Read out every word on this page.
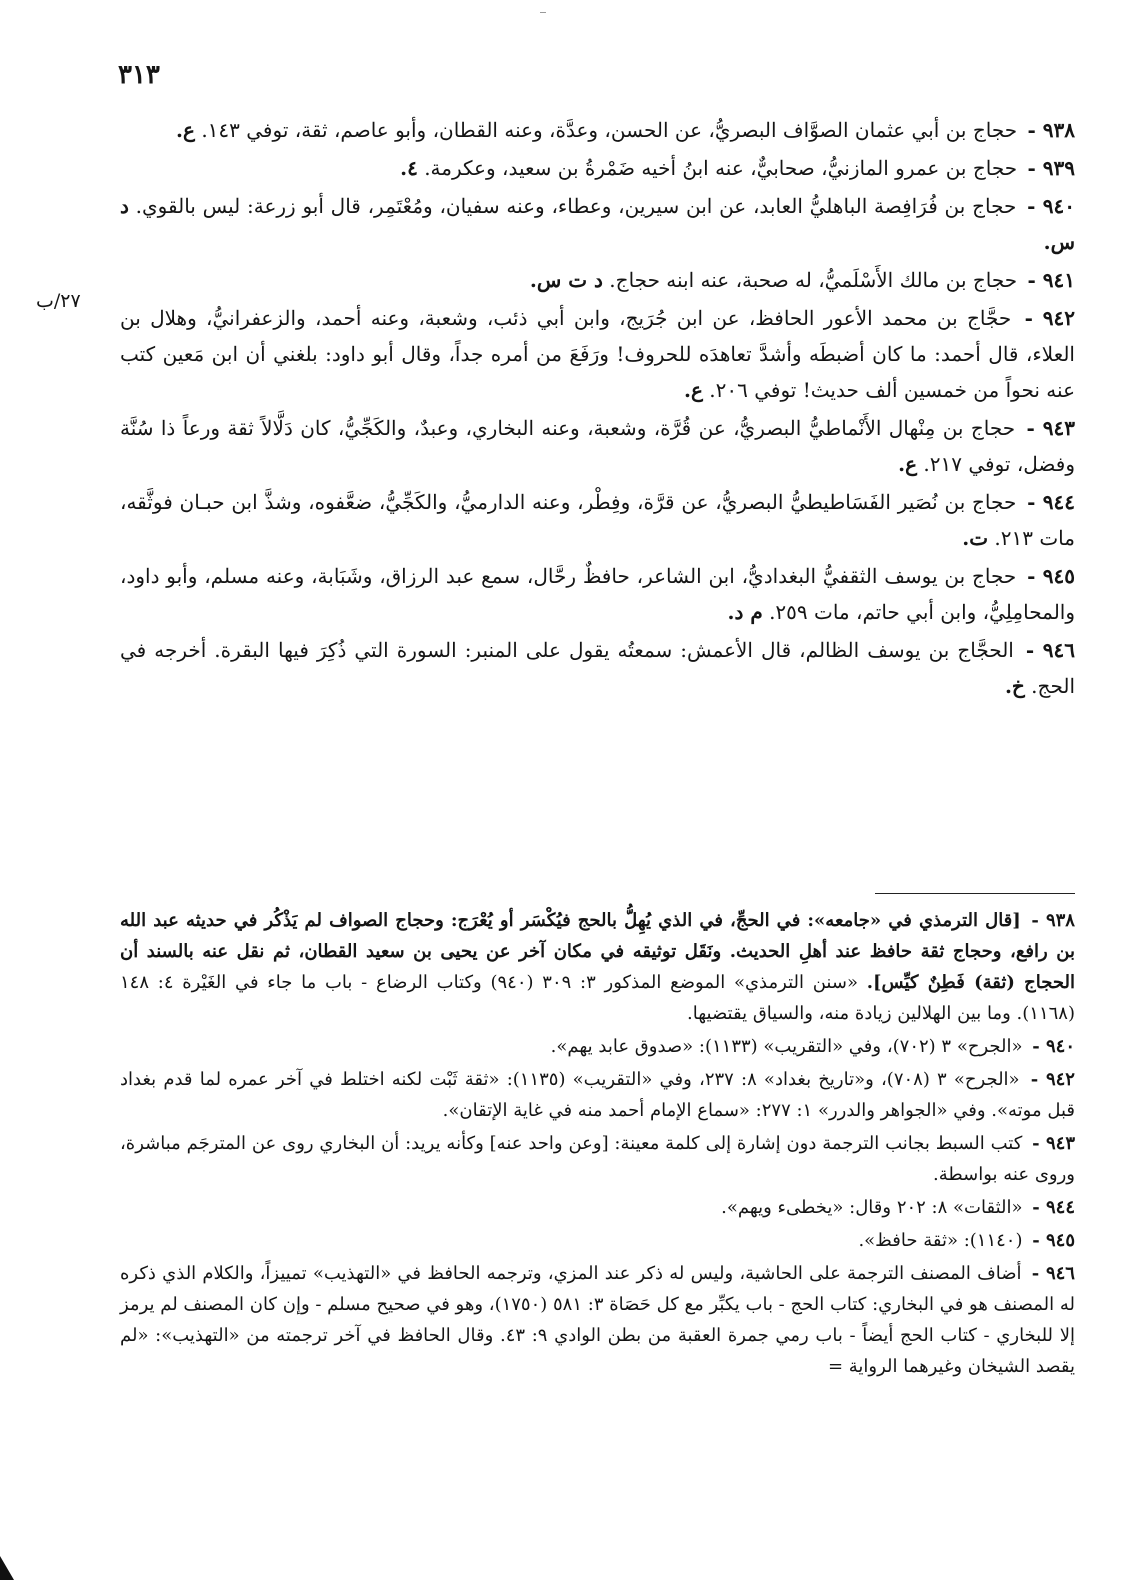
٣١٣
٢٧/ب

٩٣٨ - حجاج بن أبي عثمان الصوَّاف البصريُّ، عن الحسن، وعدَّة، وعنه القطان، وأبو عاصم، ثقة، توفي ١٤٣. ع.

٩٣٩ - حجاج بن عمرو المازنيُّ، صحابيٌّ، عنه ابنُ أخيه ضَمْرةُ بن سعيد، وعكرمة. ٤.

٩٤٠ - حجاج بن فُرَافِصة الباهليُّ العابد، عن ابن سيرين، وعطاء، وعنه سفيان، ومُعْتَمِر، قال أبو زرعة: ليس بالقوي. د س.

٩٤١ - حجاج بن مالك الأَسْلَميُّ، له صحبة، عنه ابنه حجاج. د ت س.

٩٤٢ - حجَّاج بن محمد الأعور الحافظ، عن ابن جُرَيج، وابن أبي ذئب، وشعبة، وعنه أحمد، والزعفرانيُّ، وهلال بن العلاء، قال أحمد: ما كان أضبطَه وأشدَّ تعاهدَه للحروف! ورَفَعَ من أمره جداً، وقال أبو داود: بلغني أن ابن مَعين كتب عنه نحواً من خمسين ألف حديث! توفي ٢٠٦. ع.

٩٤٣ - حجاج بن مِنْهال الأَنْماطيُّ البصريُّ، عن قُرَّة، وشعبة، وعنه البخاري، وعبدٌ، والكَجِّيُّ، كان دَلَّالاً ثقة ورعاً ذا سُنَّة وفضل، توفي ٢١٧. ع.

٩٤٤ - حجاج بن نُصَير الفَسَاطيطيُّ البصريُّ، عن قرَّة، وفِطْر، وعنه الدارميُّ، والكَجِّيُّ، ضعَّفوه، وشذَّ ابن حبـان فوثَّقه، مات ٢١٣. ت.

٩٤٥ - حجاج بن يوسف الثقفيُّ البغداديُّ، ابن الشاعر، حافظٌ رحَّال، سمع عبد الرزاق، وشَبَابة، وعنه مسلم، وأبو داود، والمحامِلِيُّ، وابن أبي حاتم، مات ٢٥٩. م د.

٩٤٦ - الحجَّاج بن يوسف الظالم، قال الأعمش: سمعتُه يقول على المنبر: السورة التي ذُكِرَ فيها البقرة. أخرجه في الحج. خ.

٩٣٨ - [قال الترمذي في «جامعه»: في الحجِّ، في الذي يُهِلُّ بالحج فيُكْسَر أو يُعْرَج: وحجاج الصواف لم يَذْكُر في حديثه عبد الله بن رافع، وحجاج ثقة حافظ عند أهلِ الحديث. ونَقَل توثيقه في مكان آخر عن يحيى بن سعيد القطان، ثم نقل عنه بالسند أن الحجاج (ثقة) فَطِنٌ كيِّس]. «سنن الترمذي» الموضع المذكور ٣: ٣٠٩ (٩٤٠) وكتاب الرضاع - باب ما جاء في الغَيْرة ٤: ١٤٨ (١١٦٨). وما بين الهلالين زيادة منه، والسياق يقتضيها.

٩٤٠ - «الجرح» ٣ (٧٠٢)، وفي «التقريب» (١١٣٣): «صدوق عابد يهم».

٩٤٢ - «الجرح» ٣ (٧٠٨)، و«تاريخ بغداد» ٨: ٢٣٧، وفي «التقريب» (١١٣٥): «ثقة ثَبْت لكنه اختلط في آخر عمره لما قدم بغداد قبل موته». وفي «الجواهر والدرر» ١: ٢٧٧: «سماع الإمام أحمد منه في غاية الإتقان».

٩٤٣ - كتب السبط بجانب الترجمة دون إشارة إلى كلمة معينة: [وعن واحد عنه] وكأنه يريد: أن البخاري روى عن المترجَم مباشرة، وروى عنه بواسطة.

٩٤٤ - «الثقات» ٨: ٢٠٢ وقال: «يخطىء ويهم».

٩٤٥ - (١١٤٠): «ثقة حافظ».

٩٤٦ - أضاف المصنف الترجمة على الحاشية، وليس له ذكر عند المزي، وترجمه الحافظ في «التهذيب» تمييزاً، والكلام الذي ذكره له المصنف هو في البخاري: كتاب الحج - باب يكبِّر مع كل حَصَاة ٣: ٥٨١ (١٧٥٠)، وهو في صحيح مسلم - وإن كان المصنف لم يرمز إلا للبخاري - كتاب الحج أيضاً - باب رمي جمرة العقبة من بطن الوادي ٩: ٤٣. وقال الحافظ في آخر ترجمته من «التهذيب»: «لم يقصد الشيخان وغيرهما الرواية =
